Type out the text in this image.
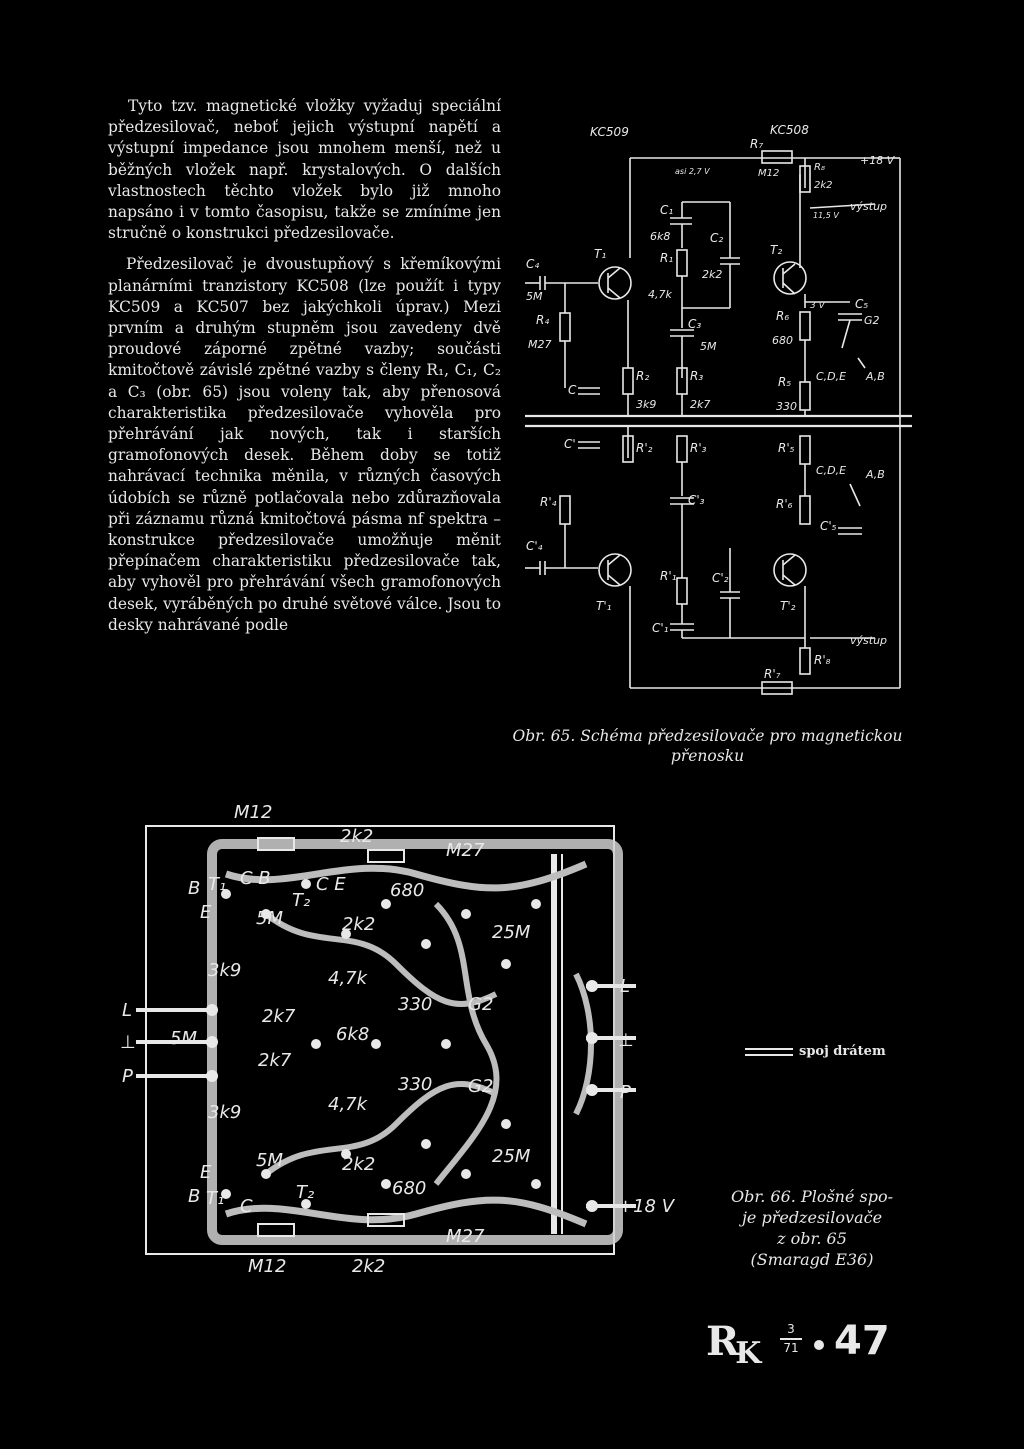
Tyto tzv. magnetické vložky vyžaduj speciální předzesilovač, neboť jejich výstupní napětí a výstupní impedance jsou mnohem menší, než u běžných vložek např. krystalových. O dalších vlastnostech těchto vložek bylo již mnoho napsáno i v tomto časopisu, takže se zmíníme jen stručně o konstrukci předzesilovače.

Předzesilovač je dvoustupňový s křemíkovými planárními tranzistory KC508 (lze použít i typy KC509 a KC507 bez jakýchkoli úprav.) Mezi prvním a druhým stupněm jsou zavedeny dvě proudové záporné zpětné vazby; součásti kmitočtově závislé zpětné vazby s členy R₁, C₁, C₂ a C₃ (obr. 65) jsou voleny tak, aby přenosová charakteristika předzesilovače vyhověla pro přehrávání jak nových, tak i starších gramofonových desek. Během doby se totiž nahrávací technika měnila, v různých časových údobích se různě potlačovala nebo zdůrazňovala při záznamu různá kmitočtová pásma nf spektra – konstrukce předzesilovače umožňuje měnit přepínačem charakteristiku předzesilovače tak, aby vyhověl pro přehrávání všech gramofonových desek, vyráběných po druhé světové válce. Jsou to desky nahrávané podle

KC509	KC508
R₇
M12
+18 V
R₈
2k2
výstup
asi 2,7 V
11,5 V
C₁
6k8	C₂
2k2
R₁
4,7k
C₄
5M
T₁	T₂
3 V	C₅
G2
R₄
M27
C₃
5M
R₆
680
C
R₂
3k9
R₃
2k7
R₅
330
C,D,E A,B
C'	R'₂	R'₃	R'₅
C,D,E A,B
R'₄	C'₃	R'₆
C'₅
C'₄
R'₁	C'₂
T'₁	T'₂
C'₁
výstup
R'₈
R'₇
Obr. 65. Schéma předzesilovače pro magnetickou přenosku
M12
M12
2k2
2k2
M27
M27
B T₁ C B
E 5M
T₂
C E 680
2k2	25M
3k9	4,7k
2k7
330 G2
L
⊥
P
5M
2k7
6k8
330 G2
3k9	4,7k
5M	2k2	25M
E
B T₁ C
T₂	680
L
⊥
P
+18 V
spoj drátem
Obr. 66. Plošné spo-
je předzesilovače
z obr. 65
(Smaragd E36)
$R_K$
3
71 47
